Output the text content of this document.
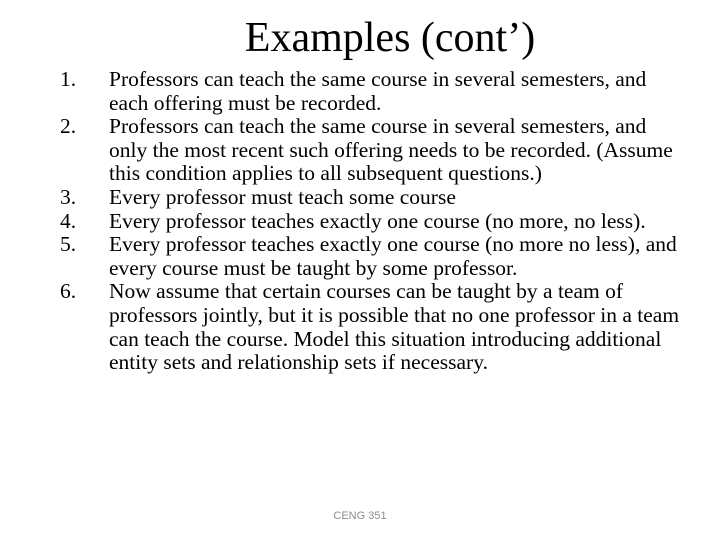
Examples (cont’)
1. Professors can teach the same course in several semesters, and each offering must be recorded.
2. Professors can teach the same course in several semesters, and only the most recent such offering needs to be recorded. (Assume this condition applies to all subsequent questions.)
3. Every professor must teach some course
4. Every professor teaches exactly one course (no more, no less).
5. Every professor teaches exactly one course (no more no less), and every course must be taught by some professor.
6. Now assume that certain courses can be taught by a team of professors jointly, but it is possible that no one professor in a team can teach the course. Model this situation introducing additional entity sets and relationship sets if necessary.
CENG 351
